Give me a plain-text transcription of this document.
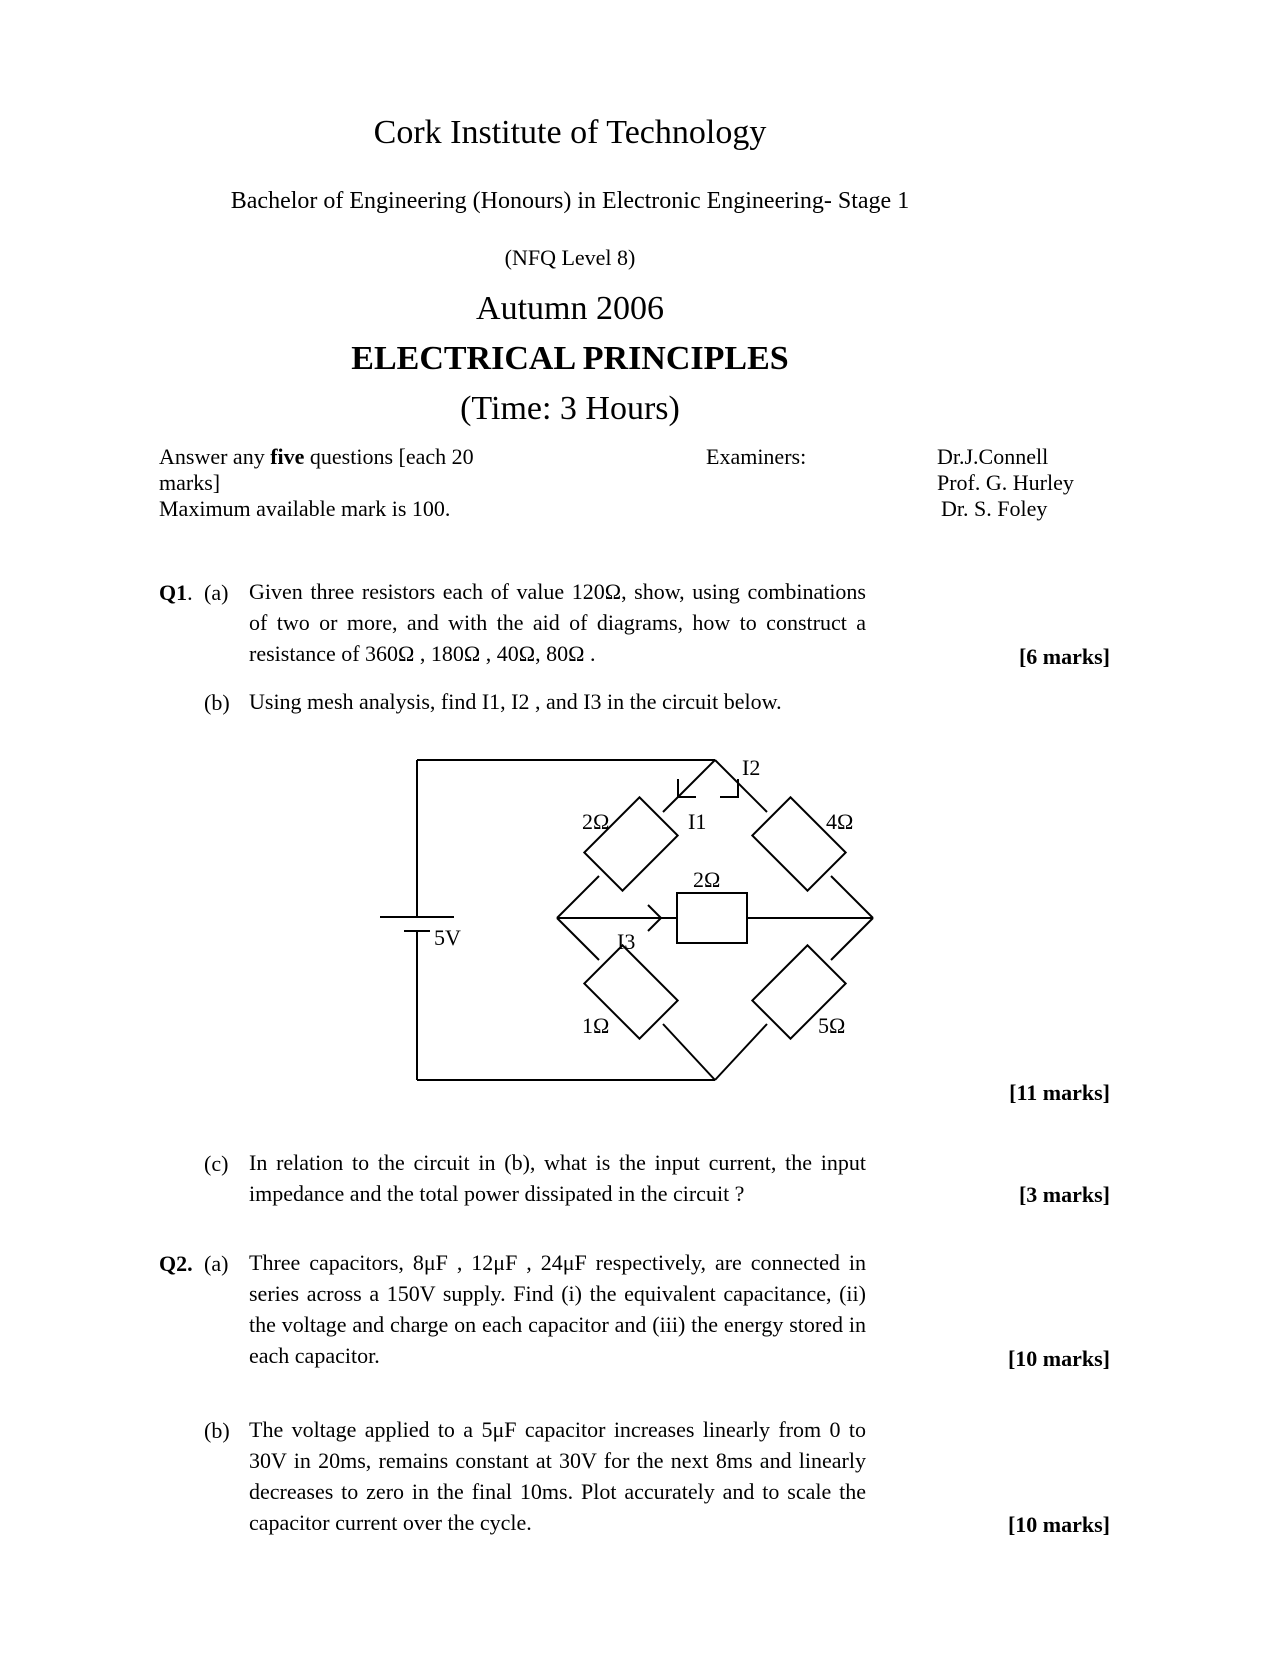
Cork Institute of Technology
Bachelor of Engineering (Honours) in Electronic Engineering- Stage 1
(NFQ Level 8)
Autumn 2006
ELECTRICAL PRINCIPLES
(Time: 3 Hours)
Answer any five questions [each 20 marks]
Maximum available mark is 100.
Examiners:	Dr.J.Connell
Prof. G. Hurley
Dr. S. Foley
Q1. (a) Given three resistors each of value 120Ω, show, using combinations of two or more, and with the aid of diagrams, how to construct a resistance of 360Ω , 180Ω , 40Ω, 80Ω .	[6 marks]
(b) Using mesh analysis, find I1, I2 , and I3 in the circuit below.
5V
2Ω	4Ω
2Ω
1Ω	5Ω
I1
I2
I3
[11 marks]
(c) In relation to the circuit in (b), what is the input current, the input impedance and the total power dissipated in the circuit ?	[3 marks]
Q2. (a) Three capacitors, 8μF , 12μF , 24μF respectively, are connected in series across a 150V supply. Find (i) the equivalent capacitance, (ii) the voltage and charge on each capacitor and (iii) the energy stored in each capacitor.	[10 marks]
(b) The voltage applied to a 5μF capacitor increases linearly from 0 to 30V in 20ms, remains constant at 30V for the next 8ms and linearly decreases to zero in the final 10ms. Plot accurately and to scale the capacitor current over the cycle.	[10 marks]
